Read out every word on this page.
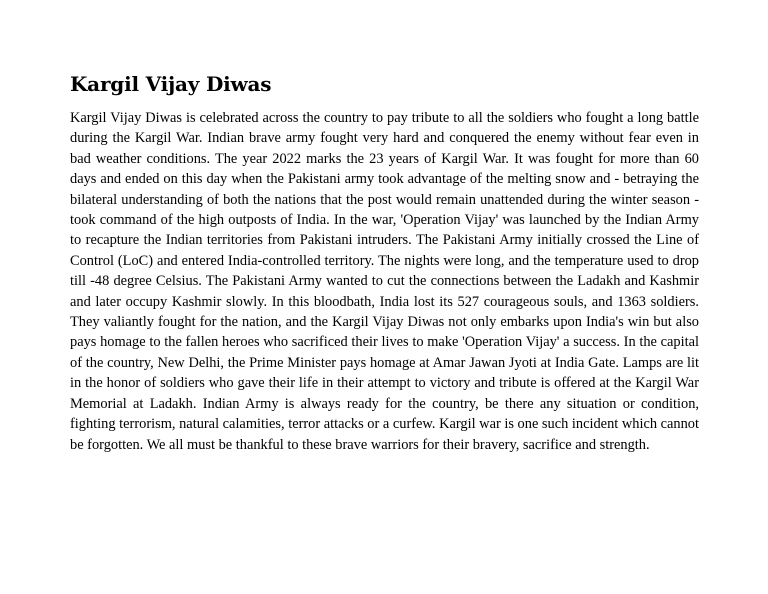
Kargil Vijay Diwas

Kargil Vijay Diwas is celebrated across the country to pay tribute to all the soldiers who fought a long battle during the Kargil War. Indian brave army fought very hard and conquered the enemy without fear even in bad weather conditions. The year 2022 marks the 23 years of Kargil War. It was fought for more than 60 days and ended on this day when the Pakistani army took advantage of the melting snow and - betraying the bilateral understanding of both the nations that the post would remain unattended during the winter season - took command of the high outposts of India. In the war, 'Operation Vijay' was launched by the Indian Army to recapture the Indian territories from Pakistani intruders. The Pakistani Army initially crossed the Line of Control (LoC) and entered India-controlled territory. The nights were long, and the temperature used to drop till -48 degree Celsius. The Pakistani Army wanted to cut the connections between the Ladakh and Kashmir and later occupy Kashmir slowly. In this bloodbath, India lost its 527 courageous souls, and 1363 soldiers. They valiantly fought for the nation, and the Kargil Vijay Diwas not only embarks upon India's win but also pays homage to the fallen heroes who sacrificed their lives to make 'Operation Vijay' a success. In the capital of the country, New Delhi, the Prime Minister pays homage at Amar Jawan Jyoti at India Gate. Lamps are lit in the honor of soldiers who gave their life in their attempt to victory and tribute is offered at the Kargil War Memorial at Ladakh. Indian Army is always ready for the country, be there any situation or condition, fighting terrorism, natural calamities, terror attacks or a curfew. Kargil war is one such incident which cannot be forgotten. We all must be thankful to these brave warriors for their bravery, sacrifice and strength.
